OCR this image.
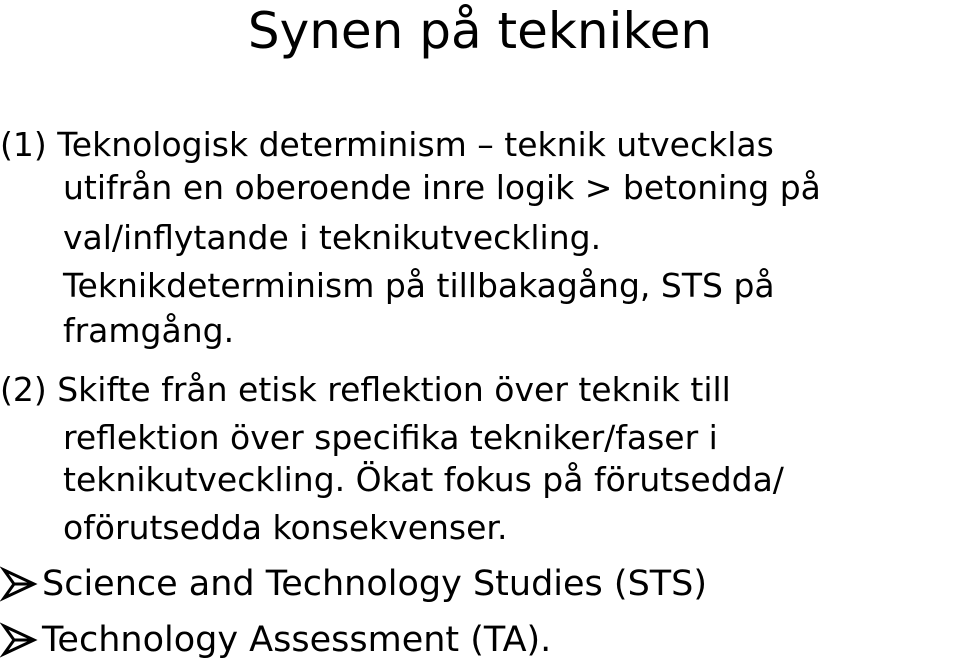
Synen på tekniken
(1) Teknologisk determinism – teknik utvecklas
utifrån en oberoende inre logik > betoning på
val/inflytande i teknikutveckling.
Teknikdeterminism på tillbakagång, STS på
framgång.
(2) Skifte från etisk reflektion över teknik till
reflektion över specifika tekniker/faser i
teknikutveckling. Ökat fokus på förutsedda/
oförutsedda konsekvenser.
Science and Technology Studies (STS)
Technology Assessment (TA).
